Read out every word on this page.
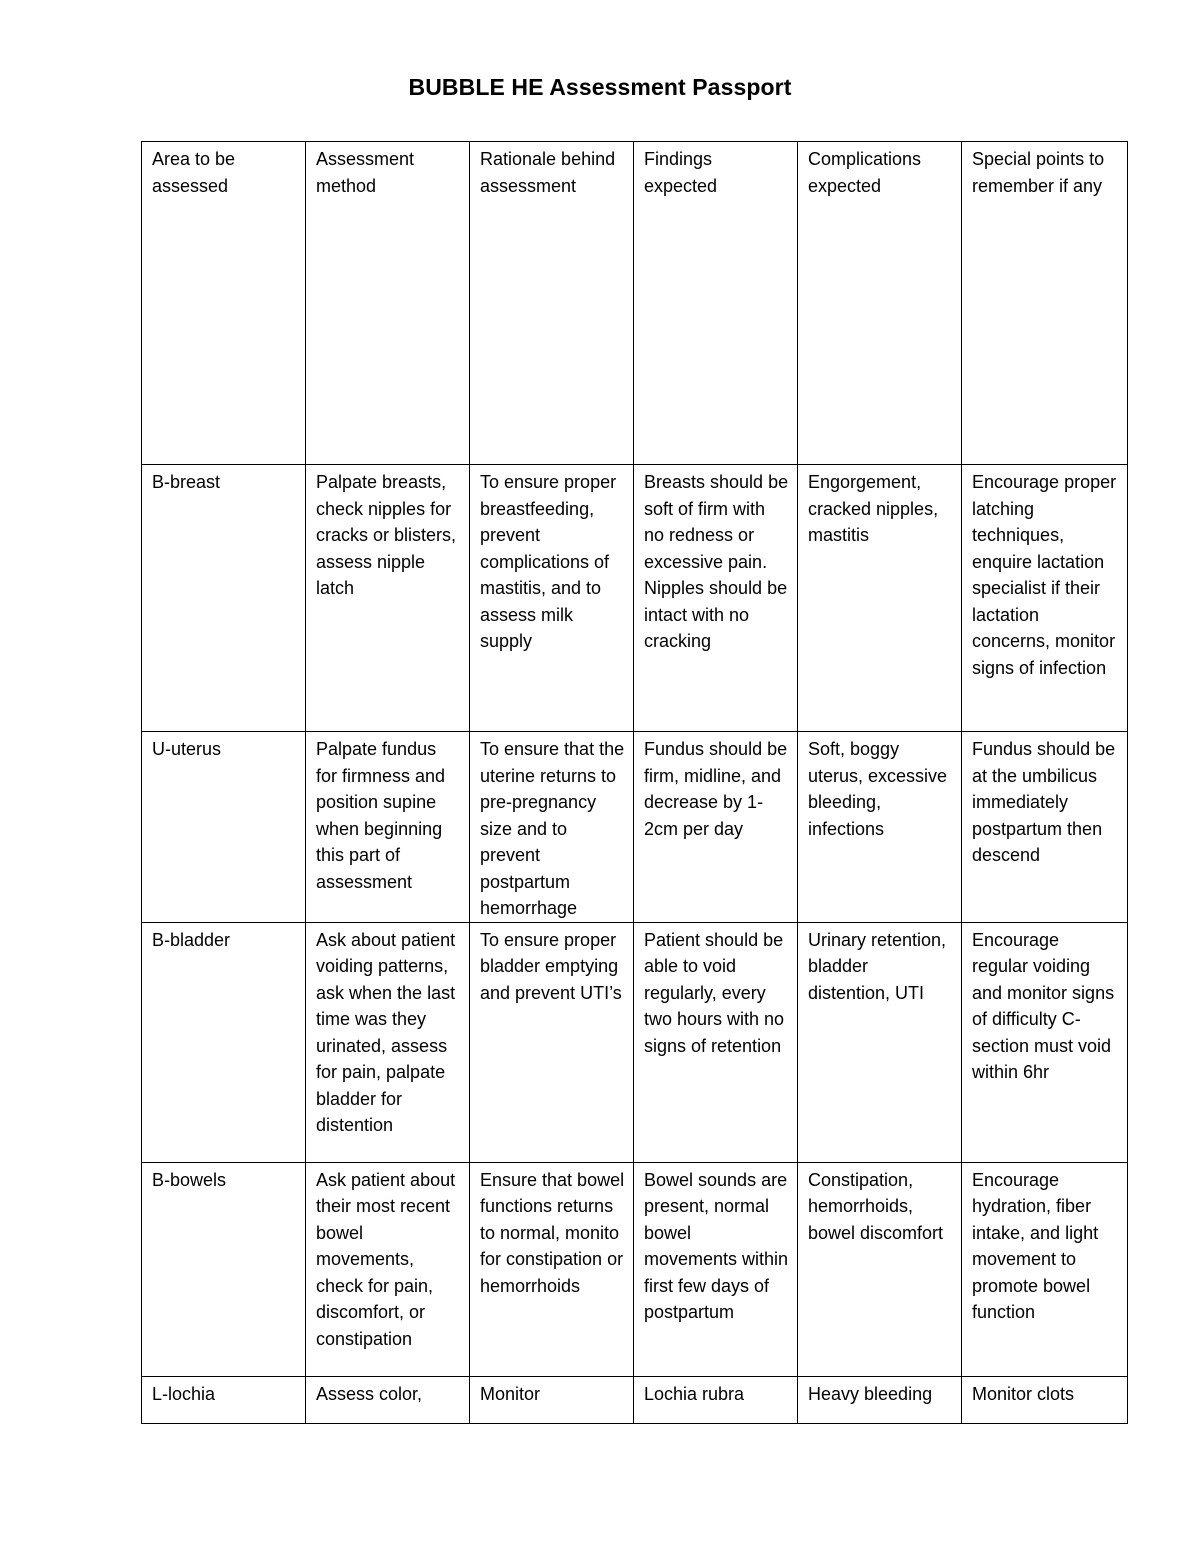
BUBBLE HE Assessment Passport
Area to be assessed	Assessment method	Rationale behind assessment	Findings expected	Complications expected	Special points to remember if any
B-breast	Palpate breasts, check nipples for cracks or blisters, assess nipple latch	To ensure proper breastfeeding, prevent complications of mastitis, and to assess milk supply	Breasts should be soft of firm with no redness or excessive pain. Nipples should be intact with no cracking	Engorgement, cracked nipples, mastitis	Encourage proper latching techniques, enquire lactation specialist if their lactation concerns, monitor signs of infection
U-uterus	Palpate fundus for firmness and position supine when beginning this part of assessment	To ensure that the uterine returns to pre-pregnancy size and to prevent postpartum hemorrhage	Fundus should be firm, midline, and decrease by 1-2cm per day	Soft, boggy uterus, excessive bleeding, infections	Fundus should be at the umbilicus immediately postpartum then descend
B-bladder	Ask about patient voiding patterns, ask when the last time was they urinated, assess for pain, palpate bladder for distention	To ensure proper bladder emptying and prevent UTI’s	Patient should be able to void regularly, every two hours with no signs of retention	Urinary retention, bladder distention, UTI	Encourage regular voiding and monitor signs of difficulty C-section must void within 6hr
B-bowels	Ask patient about their most recent bowel movements, check for pain, discomfort, or constipation	Ensure that bowel functions returns to normal, monito for constipation or hemorrhoids	Bowel sounds are present, normal bowel movements within first few days of postpartum	Constipation, hemorrhoids, bowel discomfort	Encourage hydration, fiber intake, and light movement to promote bowel function
L-lochia	Assess color,	Monitor	Lochia rubra	Heavy bleeding	Monitor clots
